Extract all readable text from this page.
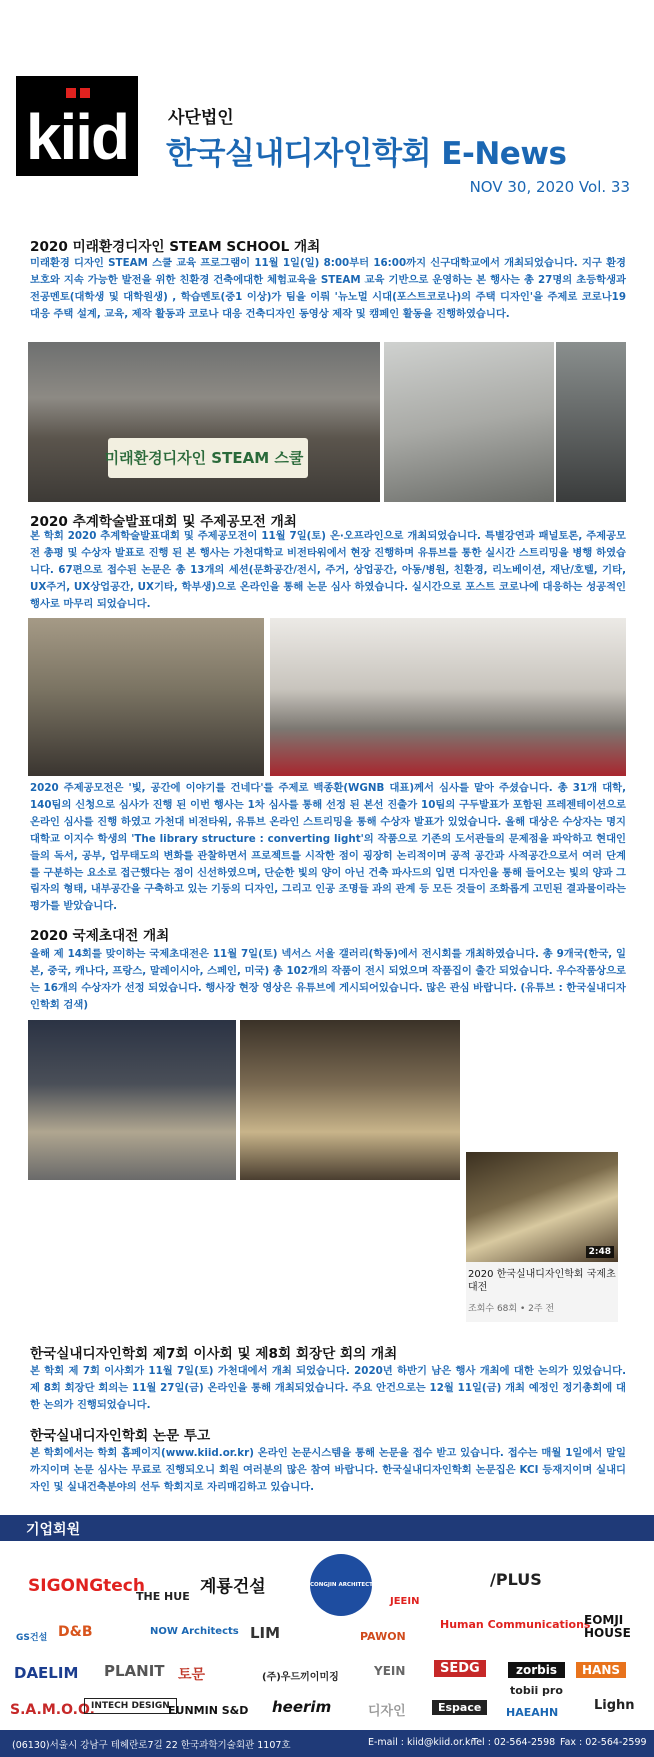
kiid	사단법인
한국실내디자인학회 E-News
NOV 30, 2020 Vol. 33
2020 미래환경디자인 STEAM SCHOOL 개최
미래환경 디자인 STEAM 스쿨 교육 프로그램이 11월 1일(일) 8:00부터 16:00까지 신구대학교에서 개최되었습니다. 지구 환경 보호와 지속 가능한 발전을 위한 친환경 건축에대한 체험교육을 STEAM 교육 기반으로 운영하는 본 행사는 총 27명의 초등학생과 전공멘토(대학생 및 대학원생) , 학습멘토(중1 이상)가 팀을 이뤄 '뉴노멀 시대(포스트코로나)의 주택 디자인'을 주제로 코로나19 대응 주택 설계, 교육, 제작 활동과 코로나 대응 건축디자인 동영상 제작 및 캠페인 활동을 진행하였습니다.
미래환경디자인 STEAM 스쿨
2020 추계학술발표대회 및 주제공모전 개최
본 학회 2020 추계학술발표대회 및 주제공모전이 11월 7일(토) 온·오프라인으로 개최되었습니다. 특별강연과 패널토론, 주제공모전 총평 및 수상자 발표로 진행 된 본 행사는 가천대학교 비전타워에서 현장 진행하며 유튜브를 통한 실시간 스트리밍을 병행 하였습니다. 67편으로 접수된 논문은 총 13개의 세션(문화공간/전시, 주거, 상업공간, 아동/병원, 친환경, 리노베이션, 재난/호텔, 기타, UX주거, UX상업공간, UX기타, 학부생)으로 온라인을 통해 논문 심사 하였습니다. 실시간으로 포스트 코로나에 대응하는 성공적인 행사로 마무리 되었습니다.
2020 주제공모전은 '빛, 공간에 이야기를 건네다'를 주제로 백종환(WGNB 대표)께서 심사를 맡아 주셨습니다. 총 31개 대학, 140팀의 신청으로 심사가 진행 된 이번 행사는 1차 심사를 통해 선정 된 본선 진출가 10팀의 구두발표가 포함된 프레젠테이션으로 온라인 심사를 진행 하였고 가천대 비전타워, 유튜브 온라인 스트리밍을 통해 수상자 발표가 있었습니다. 올해 대상은 수상자는 명지대학교 이지수 학생의 'The library structure : converting light'의 작품으로 기존의 도서관들의 문제점을 파악하고 현대인들의 독서, 공부, 업무태도의 변화를 관찰하면서 프로젝트를 시작한 점이 굉장히 논리적이며 공적 공간과 사적공간으로서 여러 단계를 구분하는 요소로 접근했다는 점이 신선하였으며, 단순한 빛의 양이 아닌 건축 파사드의 입면 디자인을 통해 들어오는 빛의 양과 그림자의 형태, 내부공간을 구축하고 있는 기둥의 디자인, 그리고 인공 조명들 과의 관계 등 모든 것들이 조화롭게 고민된 결과물이라는 평가를 받았습니다.
2020 국제초대전 개최
올해 제 14회를 맞이하는 국제초대전은 11월 7일(토) 넥서스 서울 갤러리(학동)에서 전시회를 개최하였습니다. 총 9개국(한국, 일본, 중국, 캐나다, 프랑스, 말레이시아, 스페인, 미국) 총 102개의 작품이 전시 되었으며 작품집이 출간 되었습니다. 우수작품상으로는 16개의 수상자가 선정 되었습니다. 행사장 현장 영상은 유튜브에 게시되어있습니다. 많은 관심 바랍니다. (유튜브 : 한국실내디자인학회 검색)
2:48
2020 한국실내디자인학회 국제초대전
조회수 68회 • 2주 전
한국실내디자인학회 제7회 이사회 및 제8회 회장단 회의 개최
본 학회 제 7회 이사회가 11월 7일(토) 가천대에서 개최 되었습니다. 2020년 하반기 남은 행사 개최에 대한 논의가 있었습니다. 제 8회 회장단 회의는 11월 27일(금) 온라인을 통해 개최되었습니다. 주요 안건으로는 12월 11일(금) 개최 예정인 정기총회에 대한 논의가 진행되었습니다.
한국실내디자인학회 논문 투고
본 학회에서는 학회 홈페이지(www.kiid.or.kr) 온라인 논문시스템을 통해 논문을 접수 받고 있습니다. 접수는 매월 1일에서 말일까지이며 논문 심사는 무료로 진행되오니 회원 여러분의 많은 참여 바랍니다. 한국실내디자인학회 논문집은 KCI 등재지이며 실내디자인 및 실내건축분야의 선두 학회지로 자리매김하고 있습니다.
기업회원
SIGONGtech
THE HUE 계룡건설	CONGJIN ARCHITECTS
JEEIN
/PLUS
GS건설 D&B	NOW Architects LIM	PAWON
Human Communications
EOMJI HOUSE
DAELIM PLANIT 토문	(주)우드끼이미징	YEIN	SEDG	zorbis	HANS
S.A.M.O.O.
INTECH DESIGN
EUNMIN S&D heerim	디자인	Espace
tobii pro
HAEAHN	Lighn
(06130)서울시 강남구 테헤란로7길 22 한국과학기술회관 1107호	E-mail : kiid@kiid.or.kr
Tel : 02-564-2598 Fax : 02-564-2599
